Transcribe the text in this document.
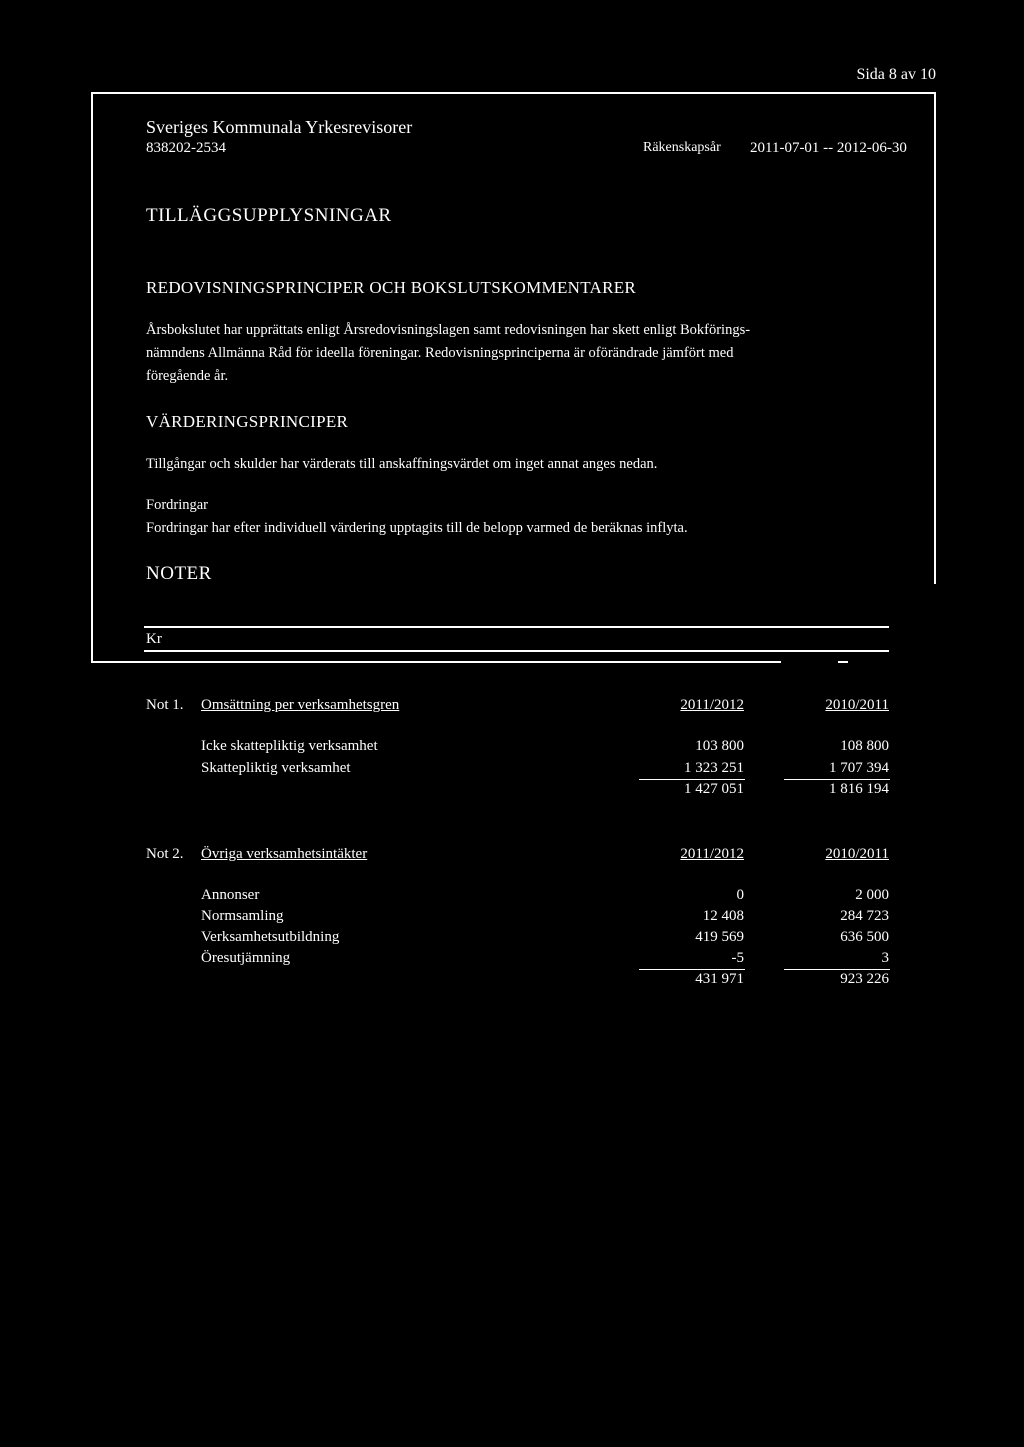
Sida 8 av 10
Sveriges Kommunala Yrkesrevisorer
838202-2534	Räkenskapsår 2011-07-01 -- 2012-06-30
TILLÄGGSUPPLYSNINGAR
REDOVISNINGSPRINCIPER OCH BOKSLUTSKOMMENTARER
Årsbokslutet har upprättats enligt Årsredovisningslagen samt redovisningen har skett enligt Bokförings-
nämndens Allmänna Råd för ideella föreningar. Redovisningsprinciperna är oförändrade jämfört med
föregående år.
VÄRDERINGSPRINCIPER
Tillgångar och skulder har värderats till anskaffningsvärdet om inget annat anges nedan.
Fordringar
Fordringar har efter individuell värdering upptagits till de belopp varmed de beräknas inflyta.
NOTER
Kr
Not 1. Omsättning per verksamhetsgren	2011/2012	2010/2011
Icke skattepliktig verksamhet	103 800	108 800
Skattepliktig verksamhet	1 323 251	1 707 394
1 427 051	1 816 194
Not 2. Övriga verksamhetsintäkter	2011/2012	2010/2011
Annonser	0	2 000
Normsamling	12 408	284 723
Verksamhetsutbildning	419 569	636 500
Öresutjämning	-5	3
431 971	923 226
